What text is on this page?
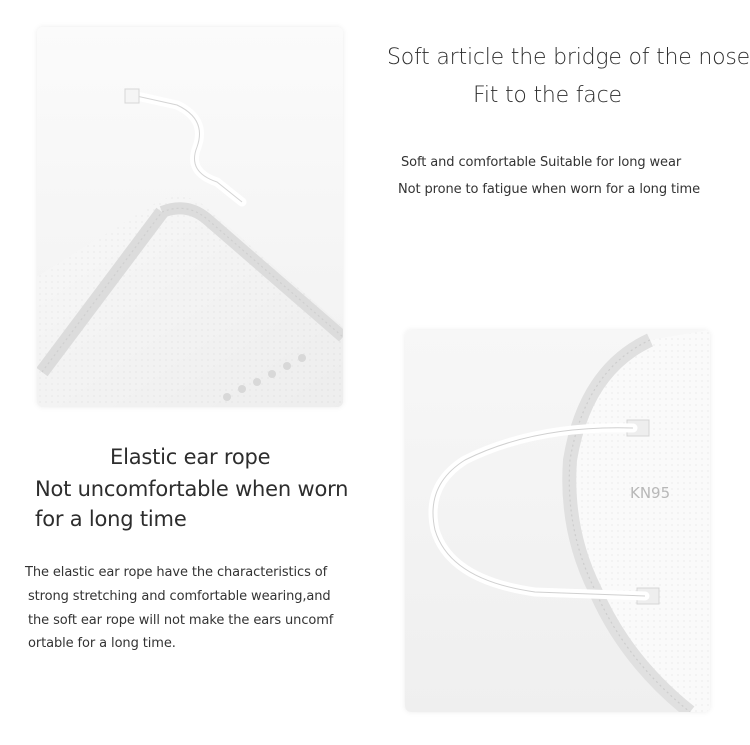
KN95
Soft article the bridge of the nose
Fit to the face
Soft and comfortable Suitable for long wear
Not prone to fatigue when worn for a long time
Elastic ear rope
Not uncomfortable when worn
for a long time
The elastic ear rope have the characteristics of
strong stretching and comfortable wearing,and
the soft ear rope will not make the ears uncomf
ortable for a long time.
